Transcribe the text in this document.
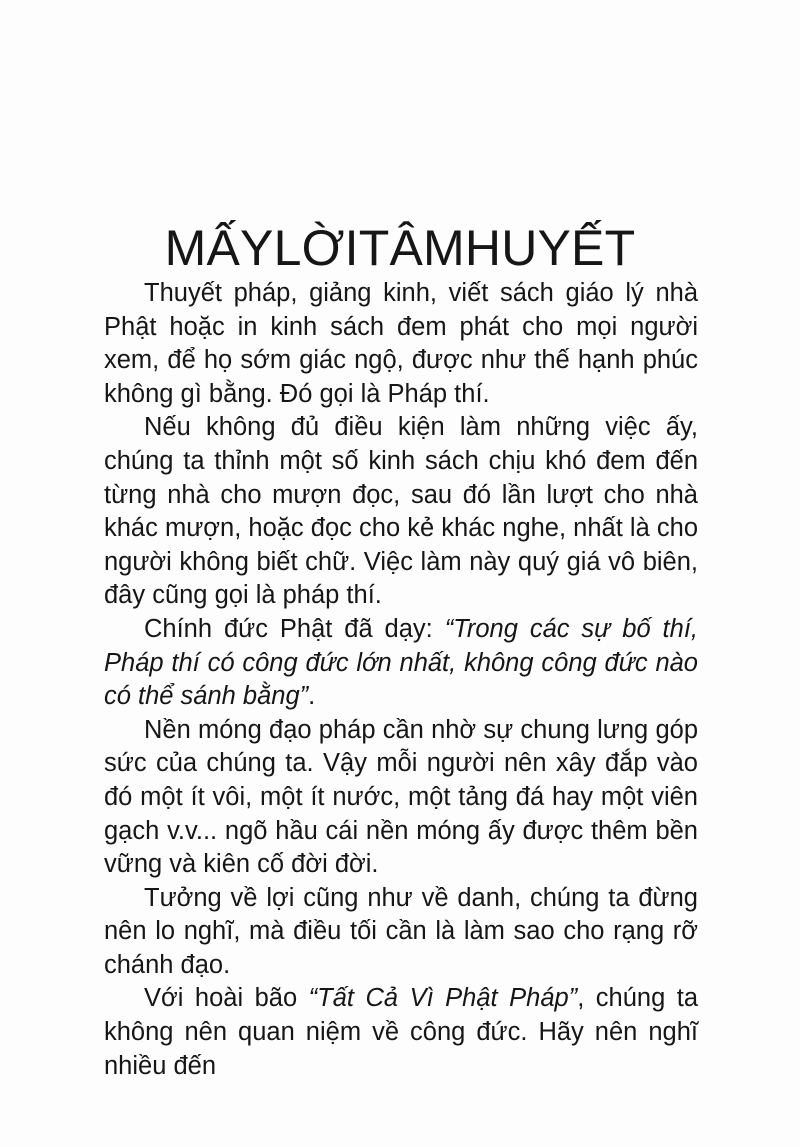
MẤYLỜITÂMHUYẾT

Thuyết pháp, giảng kinh, viết sách giáo lý nhà Phật hoặc in kinh sách đem phát cho mọi người xem, để họ sớm giác ngộ, được như thế hạnh phúc không gì bằng. Đó gọi là Pháp thí.

Nếu không đủ điều kiện làm những việc ấy, chúng ta thỉnh một số kinh sách chịu khó đem đến từng nhà cho mượn đọc, sau đó lần lượt cho nhà khác mượn, hoặc đọc cho kẻ khác nghe, nhất là cho người không biết chữ. Việc làm này quý giá vô biên, đây cũng gọi là pháp thí.

Chính đức Phật đã dạy: “Trong các sự bố thí, Pháp thí có công đức lớn nhất, không công đức nào có thể sánh bằng”.

Nền móng đạo pháp cần nhờ sự chung lưng góp sức của chúng ta. Vậy mỗi người nên xây đắp vào đó một ít vôi, một ít nước, một tảng đá hay một viên gạch v.v... ngõ hầu cái nền móng ấy được thêm bền vững và kiên cố đời đời.

Tưởng về lợi cũng như về danh, chúng ta đừng nên lo nghĩ, mà điều tối cần là làm sao cho rạng rỡ chánh đạo.

Với hoài bão “Tất Cả Vì Phật Pháp”, chúng ta không nên quan niệm về công đức. Hãy nên nghĩ nhiều đến
